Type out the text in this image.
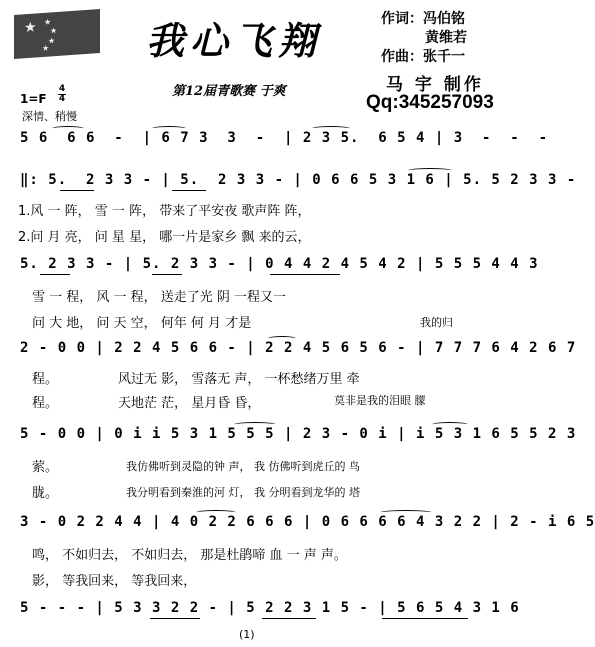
★ ★
★
★
★	我心飞翔	作词：冯伯铭
黄维若
作曲：张千一
第12届青歌赛 于爽	马 宇 制作
Qq:345257093
1=F
4
4
深情、稍慢
5 6  6 6  -  | 6 7 3  3  -  | 2 3 5.  6 5 4 | 3  -  -  -
‖: 5.  2 3 3 - | 5.  2 3 3 - | 0 6 6 5 3 1 6 | 5. 5 2 3 3 -
1.风 一 阵， 雪 一 阵， 带来了平安夜 歌声阵 阵，
2.问 月 亮， 问 星 星， 哪一片是家乡 飘 来的云，
5. 2 3 3 - | 5. 2 3 3 - | 0 4 4 2 4 5 4 2 | 5 5 5 4 4 3
雪 一 程， 风 一 程， 送走了光 阴 一程又一
问 大 地， 问 天 空， 何年 何 月 才是	我的归
2 - 0 0 | 2 2 4 5 6 6 - | 2 2 4 5 6 5 6 - | 7 7 7 6 4 2 6 7
程。	风过无 影， 雪落无 声， 一杯愁绪万里 牵
程。	天地茫 茫， 星月昏 昏，	莫非是我的泪眼 朦
5 - 0 0 | 0 i i 5 3 1 5 5 5 | 2 3 - 0 i | i 5 3 1 6 5 5 2 3
萦。	我仿佛听到灵隐的钟 声， 我 仿佛听到虎丘的 鸟
胧。	我分明看到秦淮的河 灯， 我 分明看到龙华的 塔
3 - 0 2 2 4 4 | 4 0 2 2 6 6 6 | 0 6 6 6 6 4 3 2 2 | 2 - i 6 5
鸣， 不如归去， 不如归去， 那是杜鹃啼 血 一 声 声。
影， 等我回来， 等我回来，
5 - - - | 5 3 3 2 2 - | 5 2 2 3 1 5 - | 5 6 5 4 3 1 6
(1)
